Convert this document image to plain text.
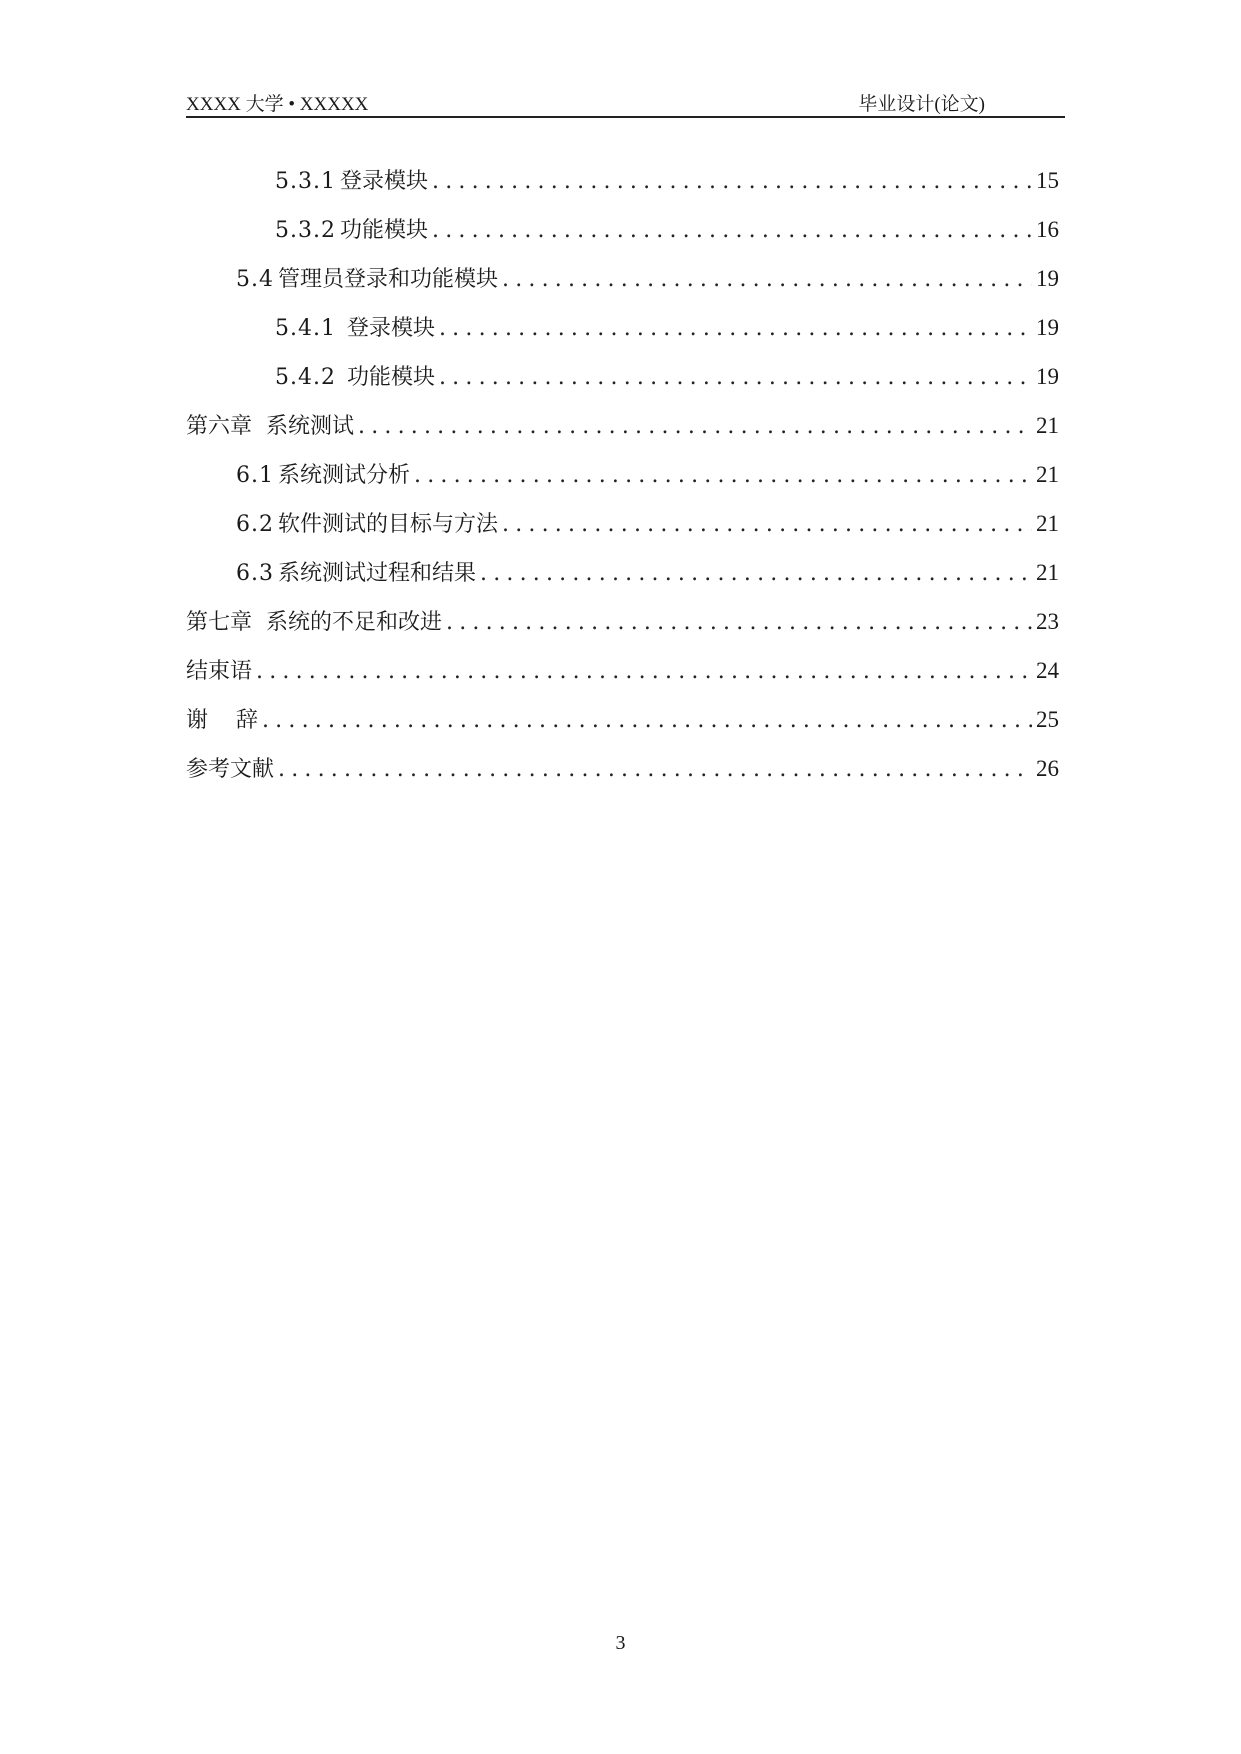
XXXX 大学 • XXXXX	毕业设计(论文)
5.3.1 登录模块 .....	15
5.3.2 功能模块 .....	16
5.4 管理员登录和功能模块 .....	19
5.4.1 登录模块 .....	19
5.4.2 功能模块 .....	19
第六章  系统测试 .....	21
6.1 系统测试分析 .....	21
6.2 软件测试的目标与方法 .....	21
6.3 系统测试过程和结果 .....	21
第七章  系统的不足和改进 .....	23
结束语 .....	24
谢    辞 .....	25
参考文献 .....	26
3
